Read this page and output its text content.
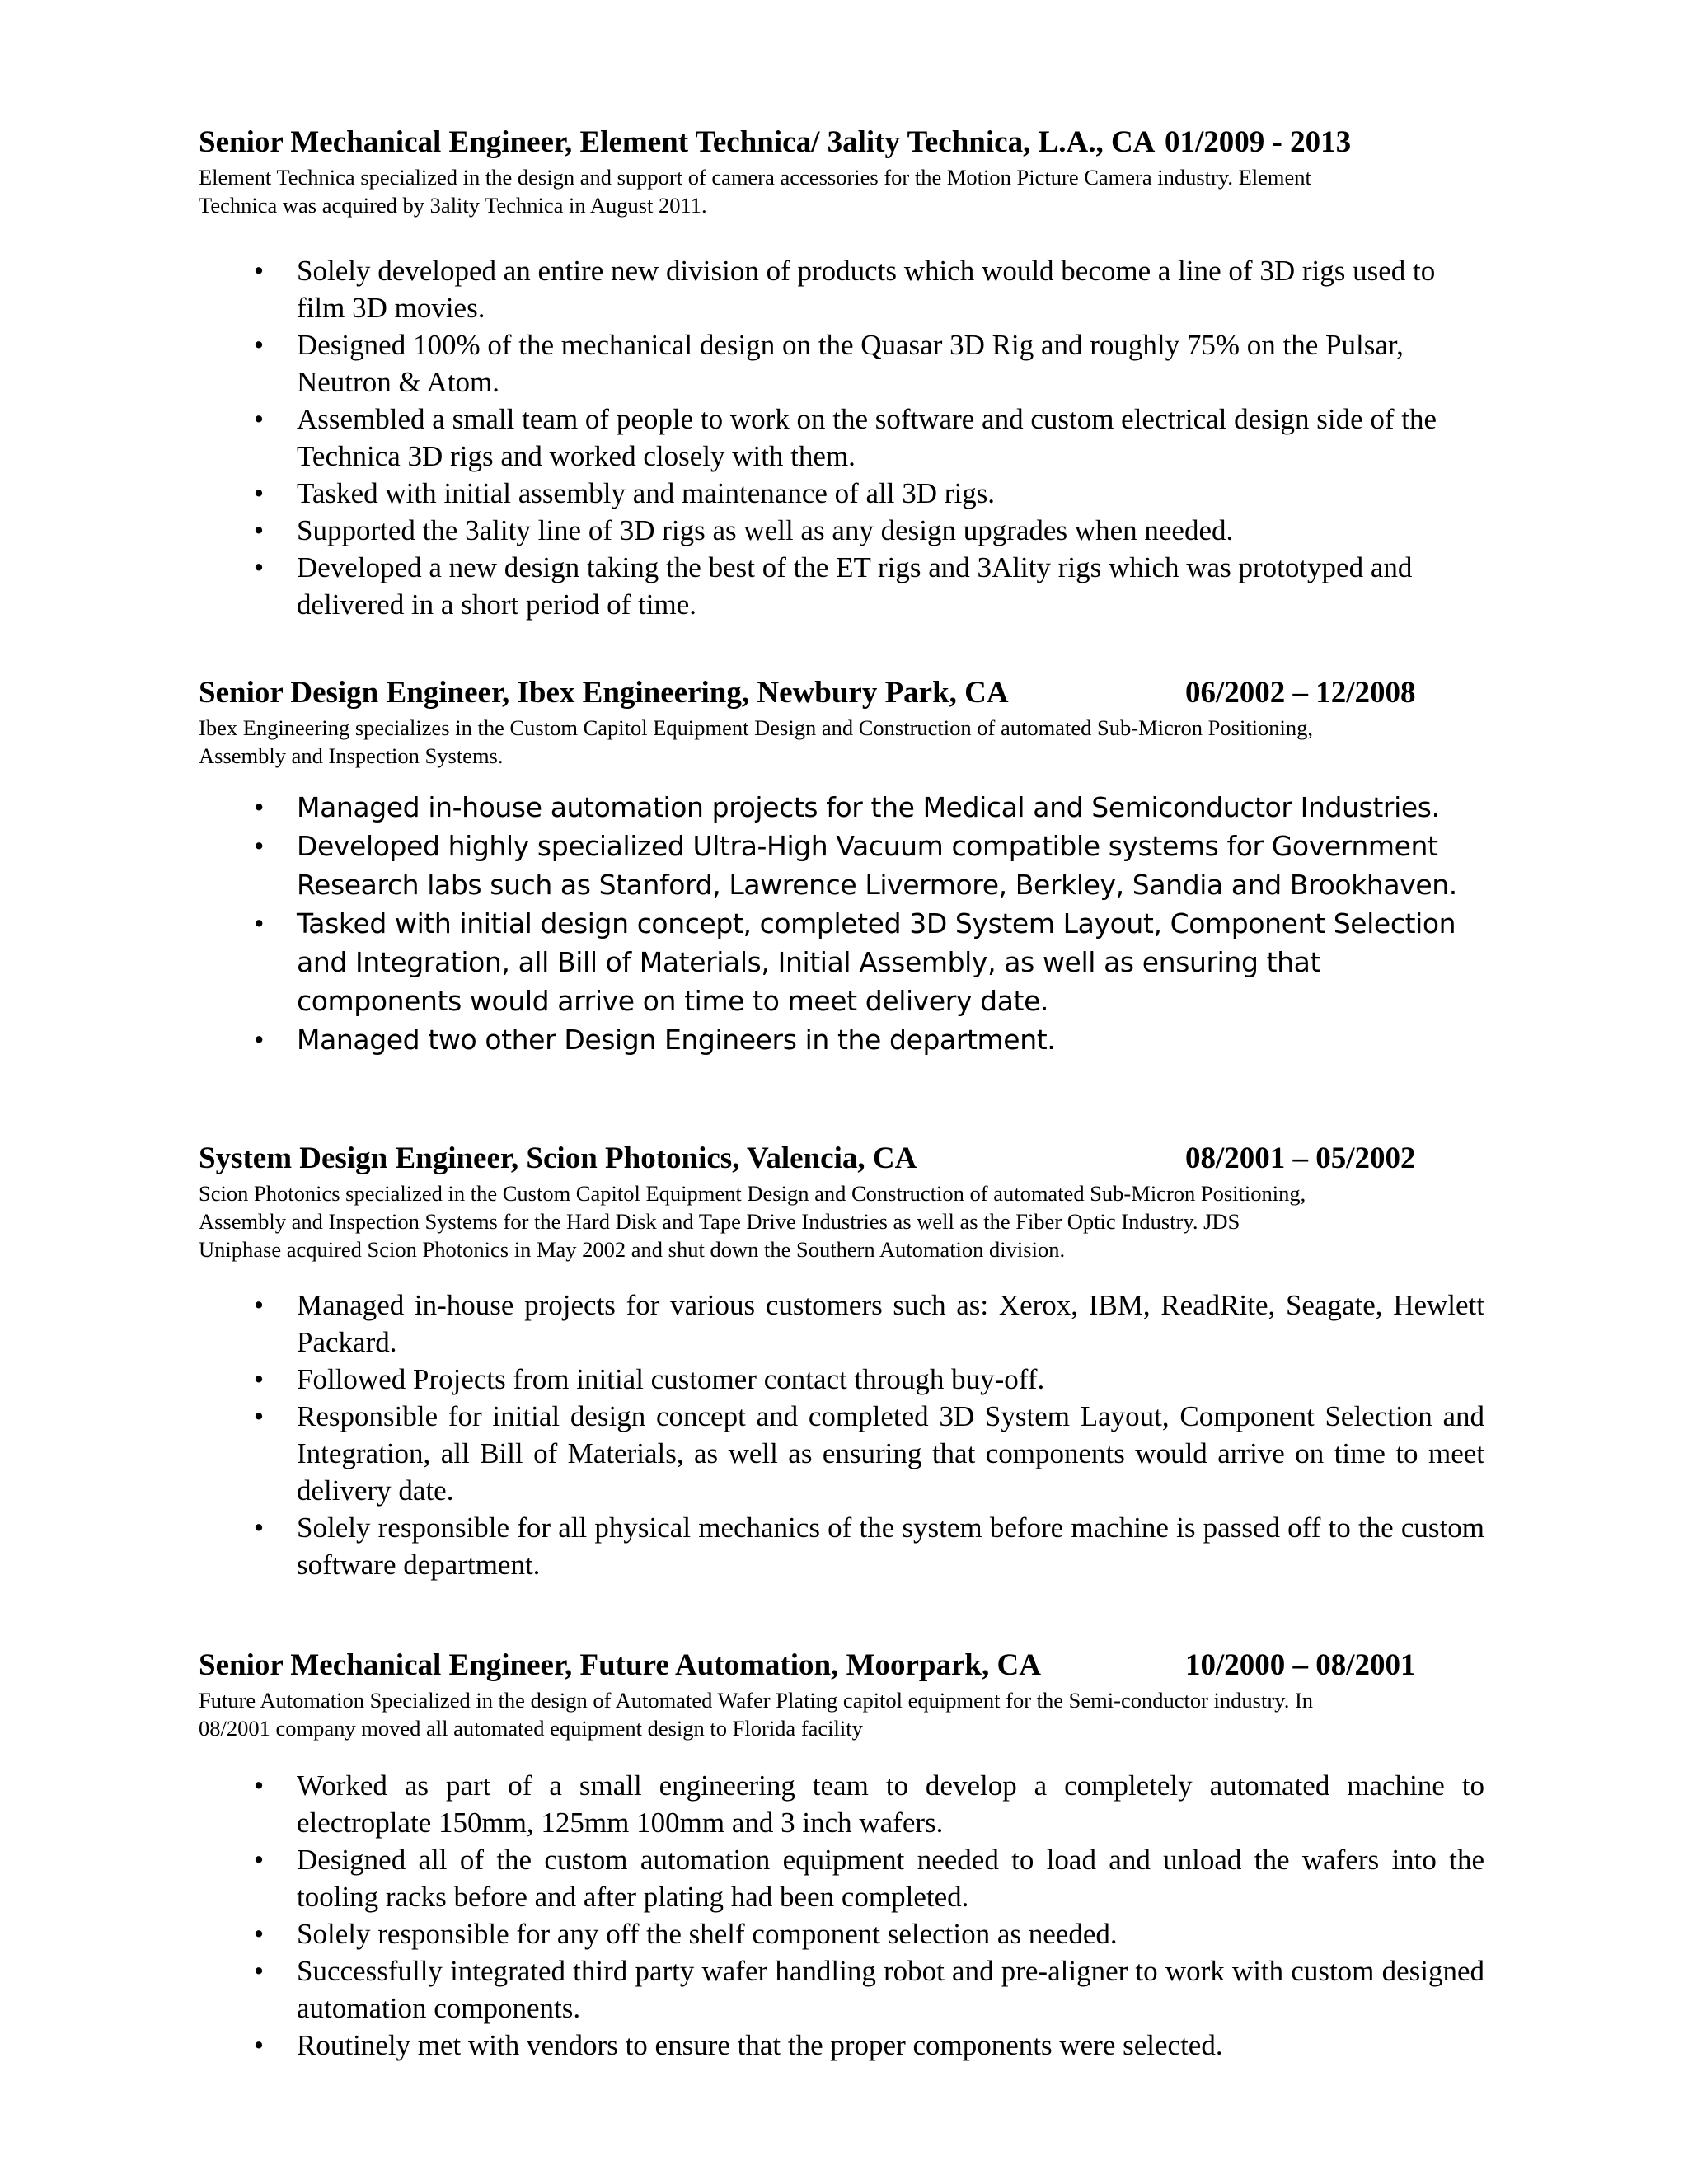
Senior Mechanical Engineer, Element Technica/ 3ality Technica, L.A., CA 01/2009 - 2013
Element Technica specialized in the design and support of camera accessories for the Motion Picture Camera industry. Element
Technica was acquired by 3ality Technica in August 2011.
• Solely developed an entire new division of products which would become a line of 3D rigs used to film 3D movies.
• Designed 100% of the mechanical design on the Quasar 3D Rig and roughly 75% on the Pulsar, Neutron & Atom.
• Assembled a small team of people to work on the software and custom electrical design side of the Technica 3D rigs and worked closely with them.
• Tasked with initial assembly and maintenance of all 3D rigs.
• Supported the 3ality line of 3D rigs as well as any design upgrades when needed.
• Developed a new design taking the best of the ET rigs and 3Ality rigs which was prototyped and delivered in a short period of time.
Senior Design Engineer, Ibex Engineering, Newbury Park, CA	06/2002 – 12/2008
Ibex Engineering specializes in the Custom Capitol Equipment Design and Construction of automated Sub-Micron Positioning,
Assembly and Inspection Systems.
• Managed in-house automation projects for the Medical and Semiconductor Industries.
• Developed highly specialized Ultra-High Vacuum compatible systems for Government Research labs such as Stanford, Lawrence Livermore, Berkley, Sandia and Brookhaven.
• Tasked with initial design concept, completed 3D System Layout, Component Selection and Integration, all Bill of Materials, Initial Assembly, as well as ensuring that components would arrive on time to meet delivery date.
• Managed two other Design Engineers in the department.
System Design Engineer, Scion Photonics, Valencia, CA	08/2001 – 05/2002
Scion Photonics specialized in the Custom Capitol Equipment Design and Construction of automated Sub-Micron Positioning,
Assembly and Inspection Systems for the Hard Disk and Tape Drive Industries as well as the Fiber Optic Industry. JDS
Uniphase acquired Scion Photonics in May 2002 and shut down the Southern Automation division.
• Managed in-house projects for various customers such as: Xerox, IBM, ReadRite, Seagate, Hewlett Packard.
• Followed Projects from initial customer contact through buy-off.
• Responsible for initial design concept and completed 3D System Layout, Component Selection and Integration, all Bill of Materials, as well as ensuring that components would arrive on time to meet delivery date.
• Solely responsible for all physical mechanics of the system before machine is passed off to the custom software department.
Senior Mechanical Engineer, Future Automation, Moorpark, CA	10/2000 – 08/2001
Future Automation Specialized in the design of Automated Wafer Plating capitol equipment for the Semi-conductor industry. In
08/2001 company moved all automated equipment design to Florida facility
• Worked as part of a small engineering team to develop a completely automated machine to electroplate 150mm, 125mm 100mm and 3 inch wafers.
• Designed all of the custom automation equipment needed to load and unload the wafers into the tooling racks before and after plating had been completed.
• Solely responsible for any off the shelf component selection as needed.
• Successfully integrated third party wafer handling robot and pre-aligner to work with custom designed automation components.
• Routinely met with vendors to ensure that the proper components were selected.
